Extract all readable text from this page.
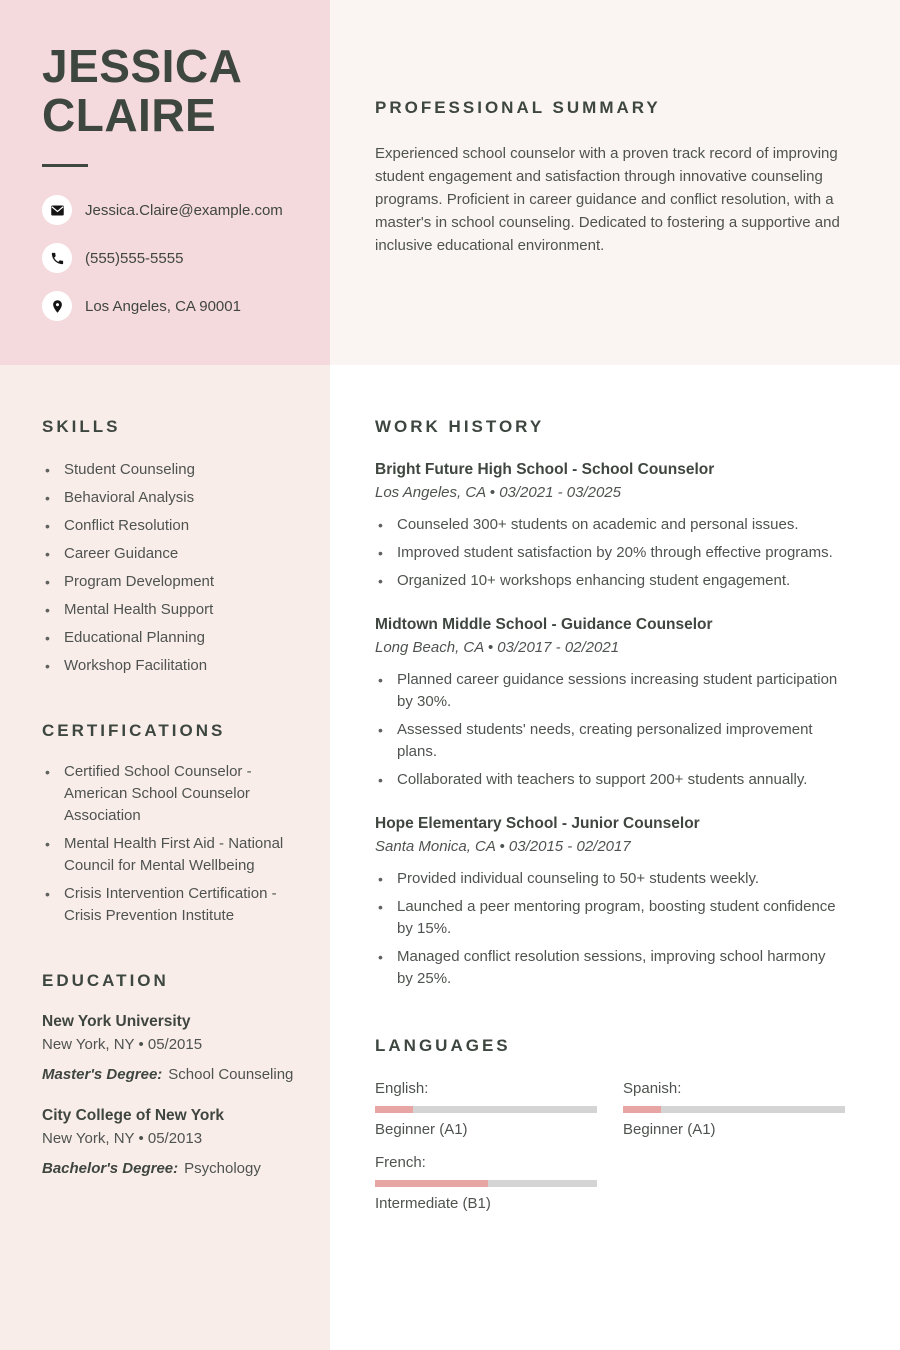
JESSICA
CLAIRE
Jessica.Claire@example.com
(555)555-5555
Los Angeles, CA 90001
PROFESSIONAL SUMMARY

Experienced school counselor with a proven track record of improving student engagement and satisfaction through innovative counseling programs. Proficient in career guidance and conflict resolution, with a master's in school counseling. Dedicated to fostering a supportive and inclusive educational environment.

SKILLS
• Student Counseling
• Behavioral Analysis
• Conflict Resolution
• Career Guidance
• Program Development
• Mental Health Support
• Educational Planning
• Workshop Facilitation
CERTIFICATIONS
• Certified School Counselor - American School Counselor Association
• Mental Health First Aid - National Council for Mental Wellbeing
• Crisis Intervention Certification - Crisis Prevention Institute
EDUCATION
New York University
New York, NY • 05/2015
Master's Degree: School Counseling
City College of New York
New York, NY • 05/2013
Bachelor's Degree: Psychology
WORK HISTORY
Bright Future High School - School Counselor
Los Angeles, CA • 03/2021 - 03/2025
• Counseled 300+ students on academic and personal issues.
• Improved student satisfaction by 20% through effective programs.
• Organized 10+ workshops enhancing student engagement.
Midtown Middle School - Guidance Counselor
Long Beach, CA • 03/2017 - 02/2021
• Planned career guidance sessions increasing student participation by 30%.
• Assessed students' needs, creating personalized improvement plans.
• Collaborated with teachers to support 200+ students annually.
Hope Elementary School - Junior Counselor
Santa Monica, CA • 03/2015 - 02/2017
• Provided individual counseling to 50+ students weekly.
• Launched a peer mentoring program, boosting student confidence by 15%.
• Managed conflict resolution sessions, improving school harmony by 25%.
LANGUAGES
English:
Beginner (A1)
Spanish:
Beginner (A1)
French:
Intermediate (B1)
